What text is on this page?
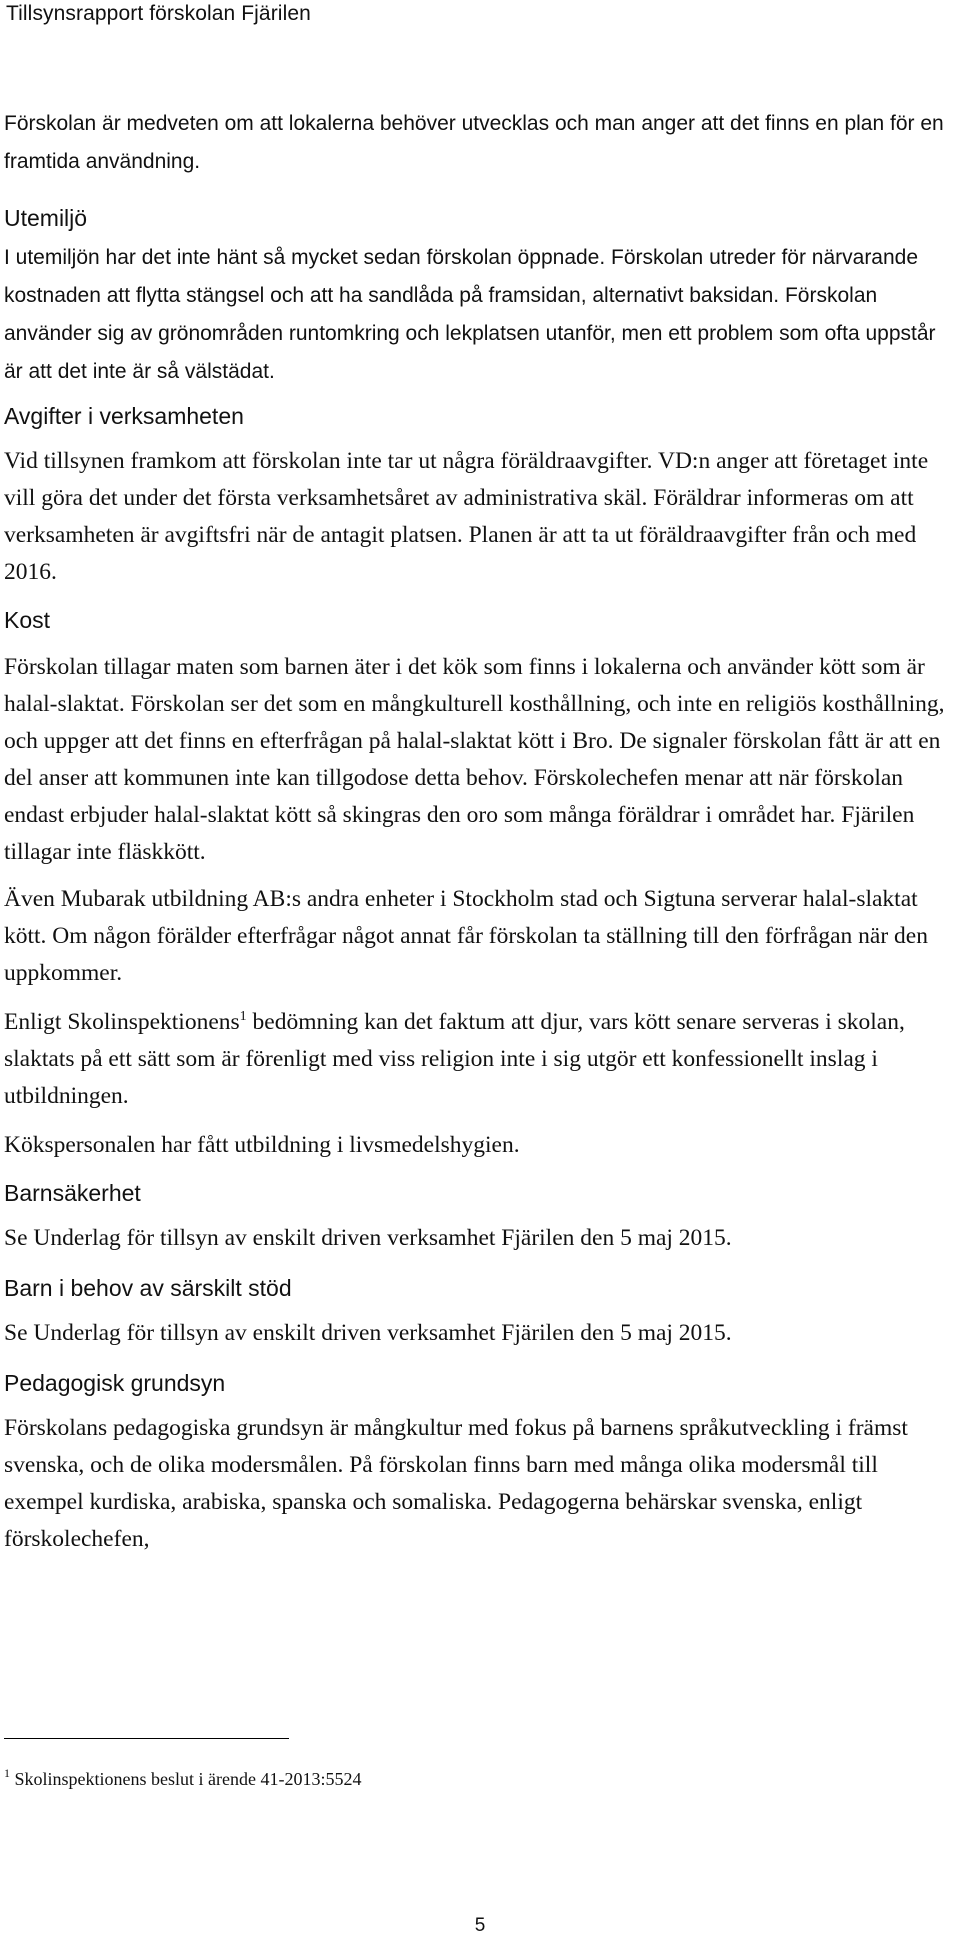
Tillsynsrapport förskolan Fjärilen

Förskolan är medveten om att lokalerna behöver utvecklas och man anger att det finns en plan för en framtida användning.

Utemiljö

I utemiljön har det inte hänt så mycket sedan förskolan öppnade. Förskolan utreder för närvarande kostnaden att flytta stängsel och att ha sandlåda på framsidan, alternativt baksidan. Förskolan använder sig av grönområden runtomkring och lekplatsen utanför, men ett problem som ofta uppstår är att det inte är så välstädat.

Avgifter i verksamheten

Vid tillsynen framkom att förskolan inte tar ut några föräldraavgifter. VD:n anger att företaget inte vill göra det under det första verksamhetsåret av administrativa skäl. Föräldrar informeras om att verksamheten är avgiftsfri när de antagit platsen. Planen är att ta ut föräldraavgifter från och med 2016.

Kost

Förskolan tillagar maten som barnen äter i det kök som finns i lokalerna och använder kött som är halal-slaktat. Förskolan ser det som en mångkulturell kosthållning, och inte en religiös kosthållning, och uppger att det finns en efterfrågan på halal-slaktat kött i Bro. De signaler förskolan fått är att en del anser att kommunen inte kan tillgodose detta behov. Förskolechefen menar att när förskolan endast erbjuder halal-slaktat kött så skingras den oro som många föräldrar i området har. Fjärilen tillagar inte fläskkött.

Även Mubarak utbildning AB:s andra enheter i Stockholm stad och Sigtuna serverar halal-slaktat kött. Om någon förälder efterfrågar något annat får förskolan ta ställning till den förfrågan när den uppkommer.

Enligt Skolinspektionens$^1$ bedömning kan det faktum att djur, vars kött senare serveras i skolan, slaktats på ett sätt som är förenligt med viss religion inte i sig utgör ett konfessionellt inslag i utbildningen.

Kökspersonalen har fått utbildning i livsmedelshygien.

Barnsäkerhet

Se Underlag för tillsyn av enskilt driven verksamhet Fjärilen den 5 maj 2015.

Barn i behov av särskilt stöd

Se Underlag för tillsyn av enskilt driven verksamhet Fjärilen den 5 maj 2015.

Pedagogisk grundsyn

Förskolans pedagogiska grundsyn är mångkultur med fokus på barnens språkutveckling i främst svenska, och de olika modersmålen. På förskolan finns barn med många olika modersmål till exempel kurdiska, arabiska, spanska och somaliska. Pedagogerna behärskar svenska, enligt förskolechefen,

$^1$ Skolinspektionens beslut i ärende 41-2013:5524
5
